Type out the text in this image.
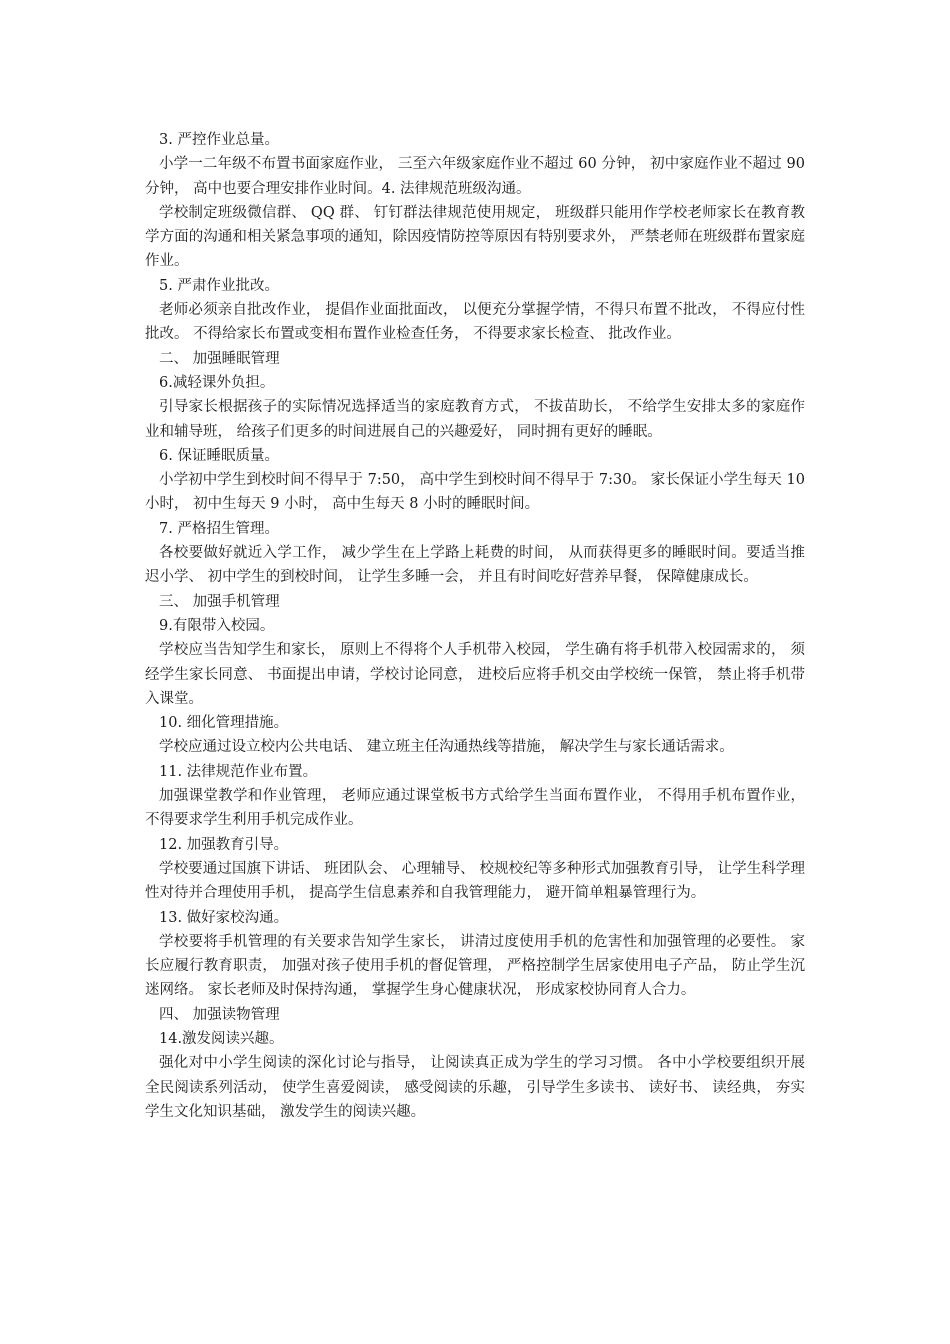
3. 严控作业总量。

小学一二年级不布置书面家庭作业， 三至六年级家庭作业不超过 60 分钟， 初中家庭作业不超过 90 分钟， 高中也要合理安排作业时间。4. 法律规范班级沟通。

学校制定班级微信群、 QQ 群、 钉钉群法律规范使用规定， 班级群只能用作学校老师家长在教育教学方面的沟通和相关紧急事项的通知，除因疫情防控等原因有特别要求外， 严禁老师在班级群布置家庭作业。

5. 严肃作业批改。

老师必须亲自批改作业， 提倡作业面批面改， 以便充分掌握学情，不得只布置不批改， 不得应付性批改。 不得给家长布置或变相布置作业检查任务， 不得要求家长检查、 批改作业。

二、 加强睡眠管理

6.减轻课外负担。

引导家长根据孩子的实际情况选择适当的家庭教育方式， 不拔苗助长， 不给学生安排太多的家庭作业和辅导班， 给孩子们更多的时间进展自己的兴趣爱好， 同时拥有更好的睡眠。

6. 保证睡眠质量。

小学初中学生到校时间不得早于 7:50， 高中学生到校时间不得早于 7:30。 家长保证小学生每天 10 小时， 初中生每天 9 小时， 高中生每天 8 小时的睡眠时间。

7. 严格招生管理。

各校要做好就近入学工作， 减少学生在上学路上耗费的时间， 从而获得更多的睡眠时间。要适当推迟小学、 初中学生的到校时间， 让学生多睡一会， 并且有时间吃好营养早餐， 保障健康成长。

三、 加强手机管理

9.有限带入校园。

学校应当告知学生和家长， 原则上不得将个人手机带入校园， 学生确有将手机带入校园需求的， 须经学生家长同意、 书面提出申请，学校讨论同意， 进校后应将手机交由学校统一保管， 禁止将手机带入课堂。

10. 细化管理措施。

学校应通过设立校内公共电话、 建立班主任沟通热线等措施， 解决学生与家长通话需求。

11. 法律规范作业布置。

加强课堂教学和作业管理， 老师应通过课堂板书方式给学生当面布置作业， 不得用手机布置作业， 不得要求学生利用手机完成作业。

12. 加强教育引导。

学校要通过国旗下讲话、 班团队会、 心理辅导、 校规校纪等多种形式加强教育引导， 让学生科学理性对待并合理使用手机， 提高学生信息素养和自我管理能力， 避开简单粗暴管理行为。

13. 做好家校沟通。

学校要将手机管理的有关要求告知学生家长， 讲清过度使用手机的危害性和加强管理的必要性。 家长应履行教育职责， 加强对孩子使用手机的督促管理， 严格控制学生居家使用电子产品， 防止学生沉迷网络。 家长老师及时保持沟通， 掌握学生身心健康状况， 形成家校协同育人合力。

四、 加强读物管理

14.激发阅读兴趣。

强化对中小学生阅读的深化讨论与指导， 让阅读真正成为学生的学习习惯。 各中小学校要组织开展全民阅读系列活动， 使学生喜爱阅读， 感受阅读的乐趣， 引导学生多读书、 读好书、 读经典， 夯实学生文化知识基础， 激发学生的阅读兴趣。
